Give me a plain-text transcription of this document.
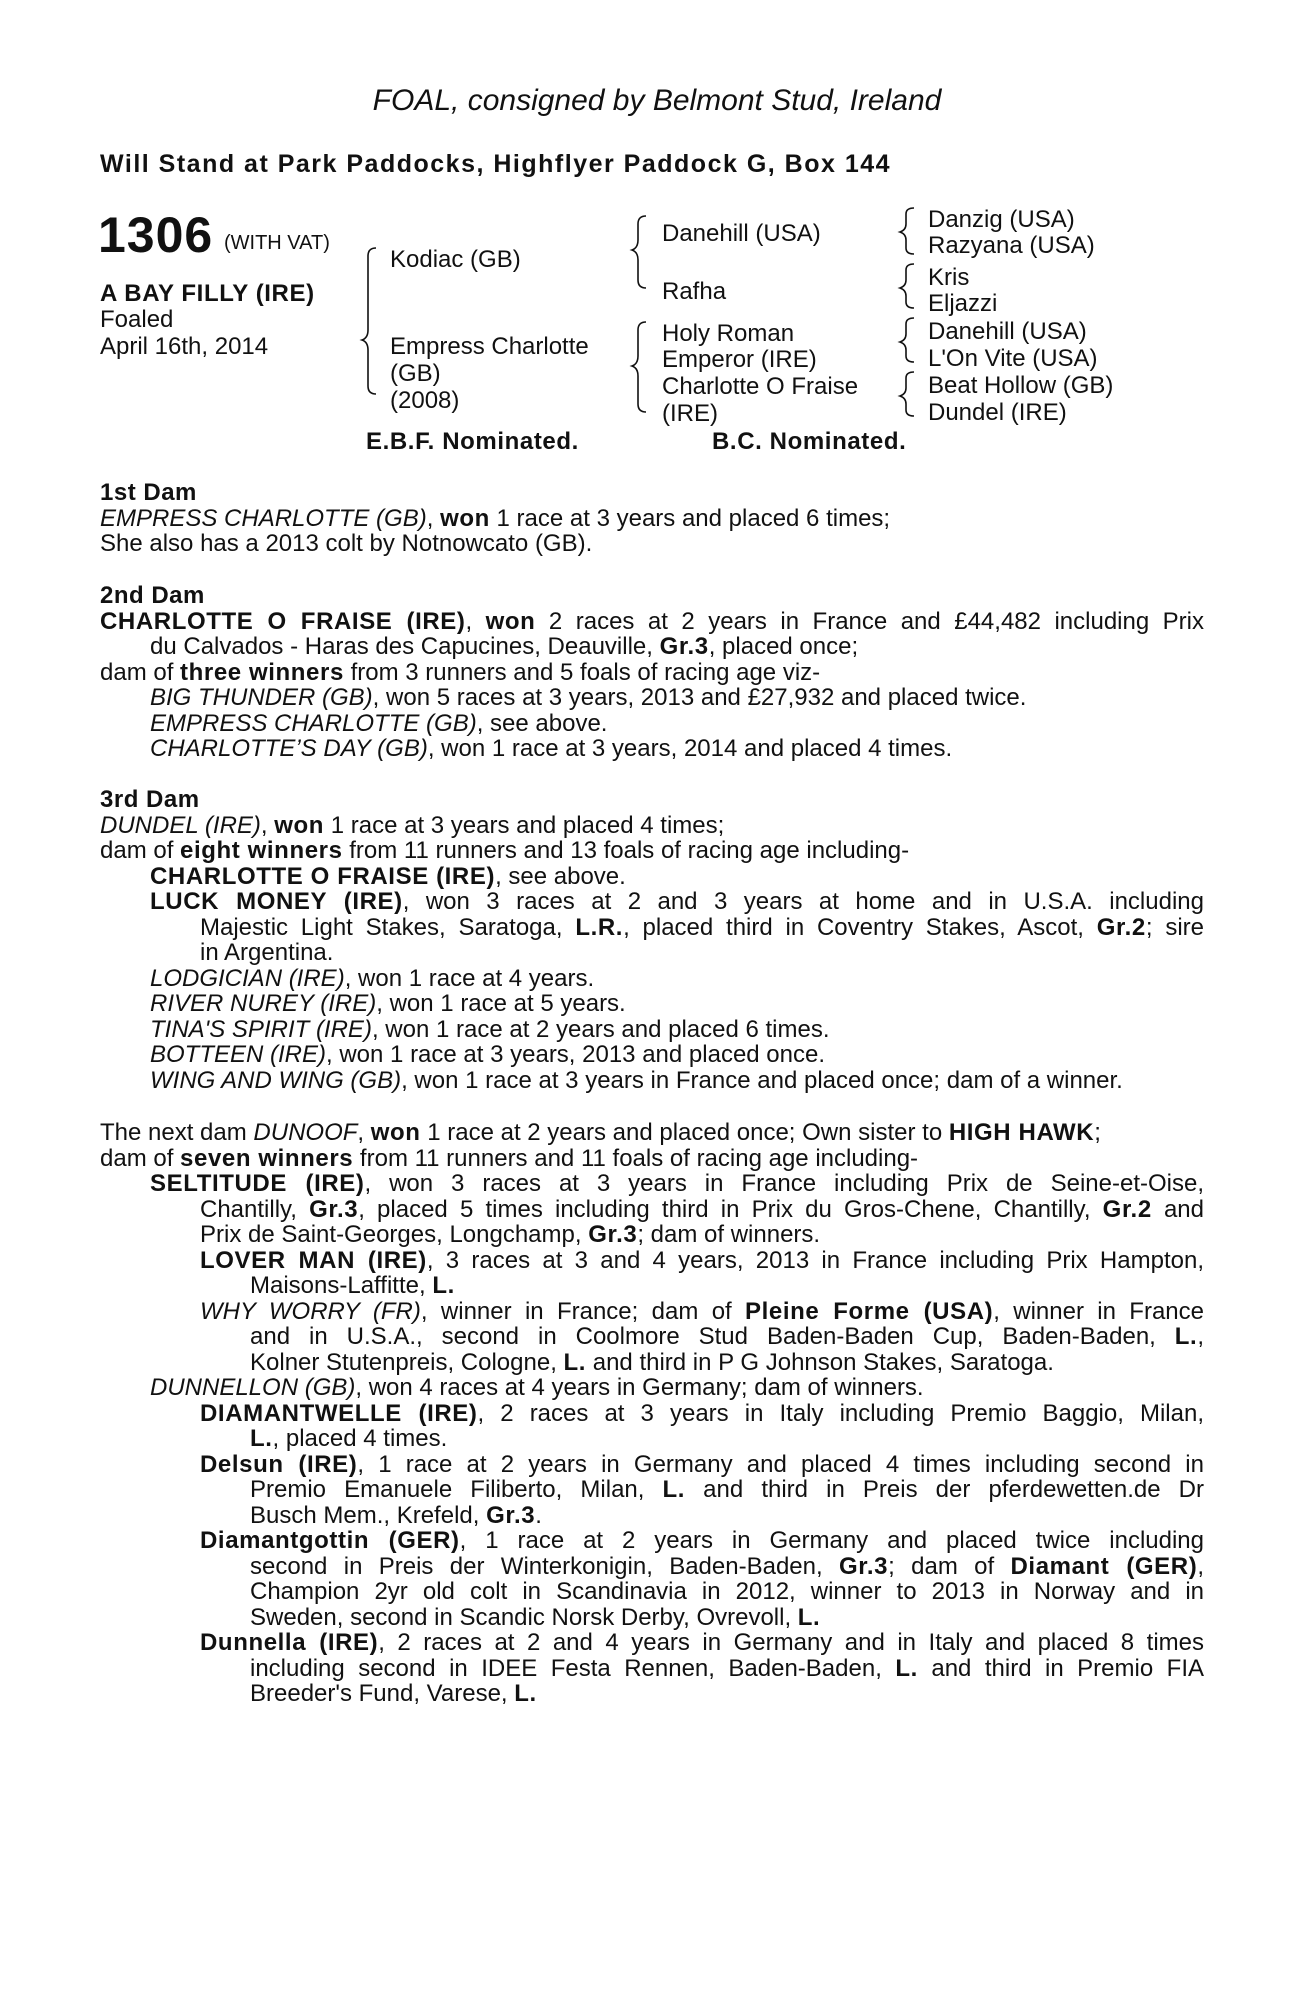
FOAL, consigned by Belmont Stud, Ireland
Will Stand at Park Paddocks, Highflyer Paddock G, Box 144
1306 (WITH VAT)
A BAY FILLY (IRE)
Foaled
April 16th, 2014
Kodiac (GB)
Empress Charlotte
(GB)
(2008)
Danehill (USA)
Rafha
Holy Roman
Emperor (IRE)
Charlotte O Fraise
(IRE)
Danzig (USA)
Razyana (USA)
Kris
Eljazzi
Danehill (USA)
L'On Vite (USA)
Beat Hollow (GB)
Dundel (IRE)
E.B.F. Nominated.	B.C. Nominated.
1st Dam
EMPRESS CHARLOTTE (GB), won 1 race at 3 years and placed 6 times;
She also has a 2013 colt by Notnowcato (GB).
2nd Dam
CHARLOTTE O FRAISE (IRE), won 2 races at 2 years in France and £44,482 including Prix
du Calvados - Haras des Capucines, Deauville, Gr.3, placed once;
dam of three winners from 3 runners and 5 foals of racing age viz-
BIG THUNDER (GB), won 5 races at 3 years, 2013 and £27,932 and placed twice.
EMPRESS CHARLOTTE (GB), see above.
CHARLOTTE’S DAY (GB), won 1 race at 3 years, 2014 and placed 4 times.
3rd Dam
DUNDEL (IRE), won 1 race at 3 years and placed 4 times;
dam of eight winners from 11 runners and 13 foals of racing age including-
CHARLOTTE O FRAISE (IRE), see above.
LUCK MONEY (IRE), won 3 races at 2 and 3 years at home and in U.S.A. including
Majestic Light Stakes, Saratoga, L.R., placed third in Coventry Stakes, Ascot, Gr.2; sire
in Argentina.
LODGICIAN (IRE), won 1 race at 4 years.
RIVER NUREY (IRE), won 1 race at 5 years.
TINA'S SPIRIT (IRE), won 1 race at 2 years and placed 6 times.
BOTTEEN (IRE), won 1 race at 3 years, 2013 and placed once.
WING AND WING (GB), won 1 race at 3 years in France and placed once; dam of a winner.
The next dam DUNOOF, won 1 race at 2 years and placed once; Own sister to HIGH HAWK;
dam of seven winners from 11 runners and 11 foals of racing age including-
SELTITUDE (IRE), won 3 races at 3 years in France including Prix de Seine-et-Oise,
Chantilly, Gr.3, placed 5 times including third in Prix du Gros-Chene, Chantilly, Gr.2 and
Prix de Saint-Georges, Longchamp, Gr.3; dam of winners.
LOVER MAN (IRE), 3 races at 3 and 4 years, 2013 in France including Prix Hampton,
Maisons-Laffitte, L.
WHY WORRY (FR), winner in France; dam of Pleine Forme (USA), winner in France
and in U.S.A., second in Coolmore Stud Baden-Baden Cup, Baden-Baden, L.,
Kolner Stutenpreis, Cologne, L. and third in P G Johnson Stakes, Saratoga.
DUNNELLON (GB), won 4 races at 4 years in Germany; dam of winners.
DIAMANTWELLE (IRE), 2 races at 3 years in Italy including Premio Baggio, Milan,
L., placed 4 times.
Delsun (IRE), 1 race at 2 years in Germany and placed 4 times including second in
Premio Emanuele Filiberto, Milan, L. and third in Preis der pferdewetten.de Dr
Busch Mem., Krefeld, Gr.3.
Diamantgottin (GER), 1 race at 2 years in Germany and placed twice including
second in Preis der Winterkonigin, Baden-Baden, Gr.3; dam of Diamant (GER),
Champion 2yr old colt in Scandinavia in 2012, winner to 2013 in Norway and in
Sweden, second in Scandic Norsk Derby, Ovrevoll, L.
Dunnella (IRE), 2 races at 2 and 4 years in Germany and in Italy and placed 8 times
including second in IDEE Festa Rennen, Baden-Baden, L. and third in Premio FIA
Breeder's Fund, Varese, L.
